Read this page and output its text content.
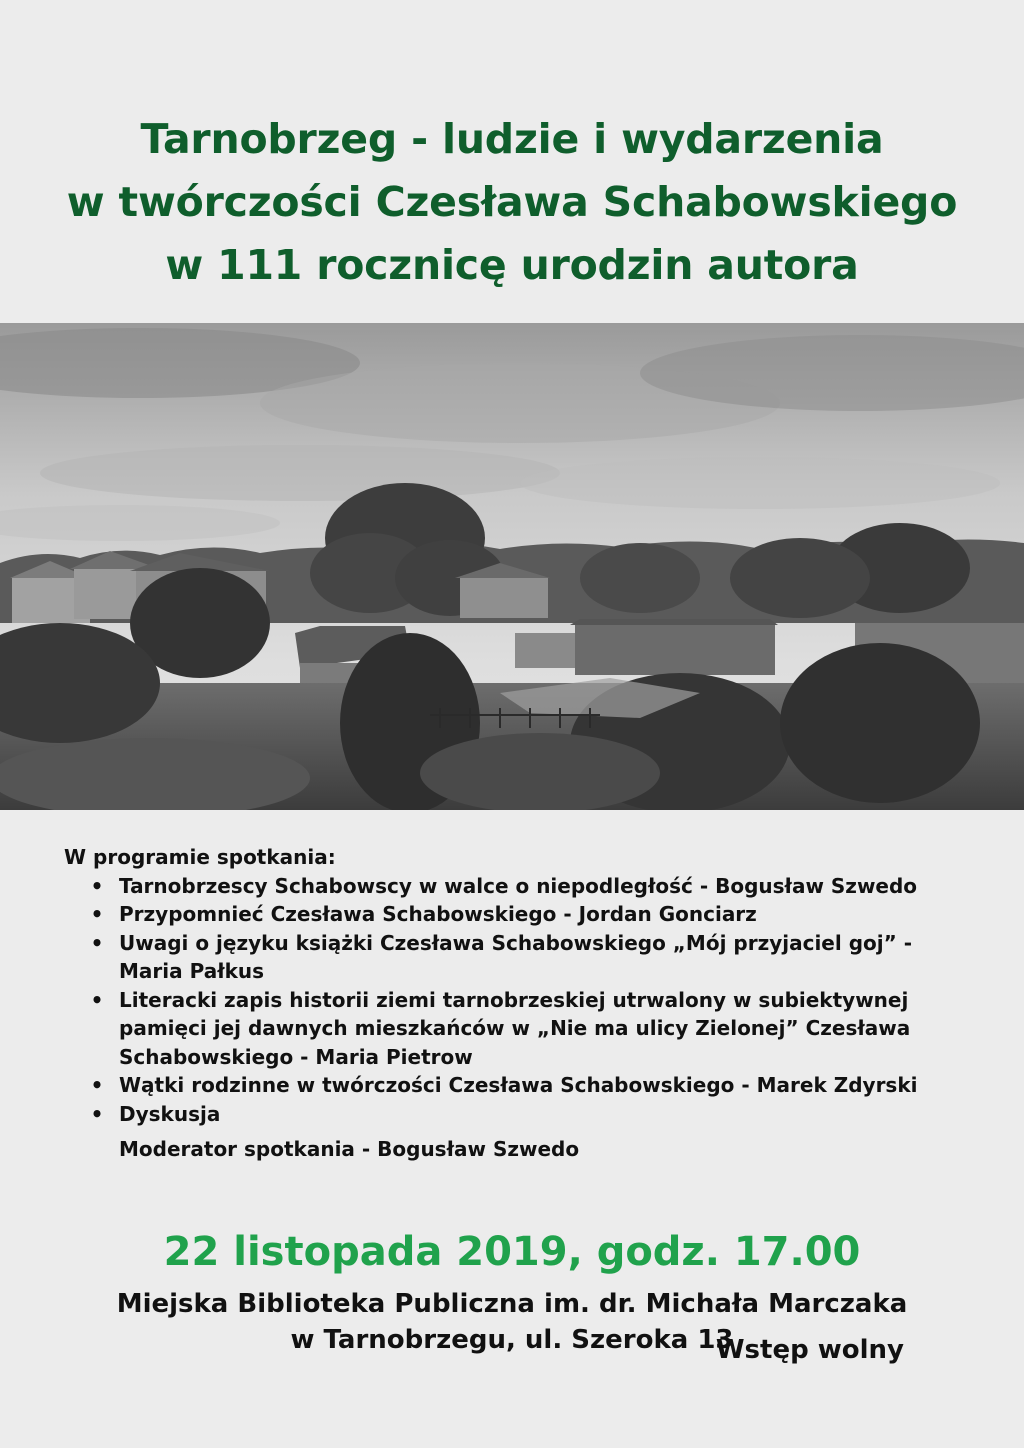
Tarnobrzeg - ludzie i wydarzenia
w twórczości Czesława Schabowskiego
w 111 rocznicę urodzin autora

W programie spotkania:

• Tarnobrzescy Schabowscy w walce o niepodległość - Bogusław Szwedo
• Przypomnieć Czesława Schabowskiego - Jordan Gonciarz
• Uwagi o języku książki Czesława Schabowskiego „Mój przyjaciel goj” - Maria Pałkus
• Literacki zapis historii ziemi tarnobrzeskiej utrwalony w subiektywnej pamięci jej dawnych mieszkańców w „Nie ma ulicy Zielonej” Czesława Schabowskiego - Maria Pietrow
• Wątki rodzinne w twórczości Czesława Schabowskiego - Marek Zdyrski
• Dyskusja
Moderator spotkania - Bogusław Szwedo
22 listopada 2019, godz. 17.00
Miejska Biblioteka Publiczna im. dr. Michała Marczaka
w Tarnobrzegu, ul. Szeroka 13
Wstęp wolny
